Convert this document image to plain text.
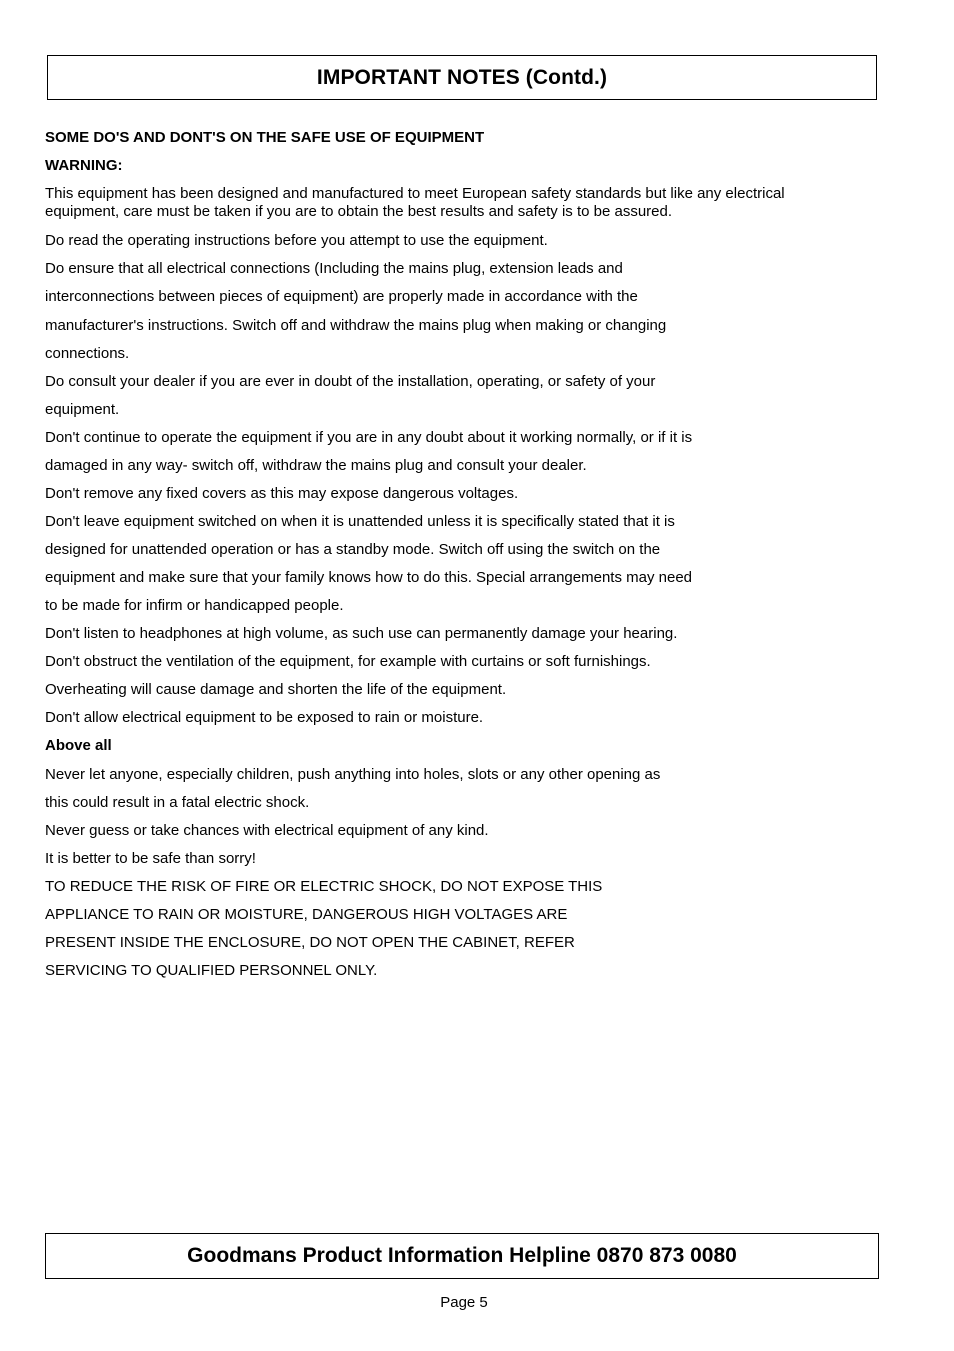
IMPORTANT NOTES (Contd.)
SOME DO'S AND DONT'S ON THE SAFE USE OF EQUIPMENT
WARNING:
This equipment has been designed and manufactured to meet European safety standards but like any electrical equipment, care must be taken if you are to obtain the best results and safety is to be assured.
Do read the operating instructions before you attempt to use the equipment.
Do ensure that all electrical connections (Including the mains plug, extension leads and
interconnections between pieces of equipment) are properly made in accordance with the
manufacturer's instructions. Switch off and withdraw the mains plug when making or changing
connections.
Do consult your dealer if you are ever in doubt of the installation, operating, or safety of your
equipment.
Don't continue to operate the equipment if you are in any doubt about it working normally, or if it is
damaged in any way- switch off, withdraw the mains plug and consult your dealer.
Don't remove any fixed covers as this may expose dangerous voltages.
Don't leave equipment switched on when it is unattended unless it is specifically stated that it is
designed for unattended operation or has a standby mode. Switch off using the switch on the
equipment and make sure that your family knows how to do this. Special arrangements may need
to be made for infirm or handicapped people.
Don't listen to headphones at high volume, as such use can permanently damage your hearing.
Don't obstruct the ventilation of the equipment, for example with curtains or soft furnishings.
Overheating will cause damage and shorten the life of the equipment.
Don't allow electrical equipment to be exposed to rain or moisture.
Above all
Never let anyone, especially children, push anything into holes, slots or any other opening as
this could result in a fatal electric shock.
Never guess or take chances with electrical equipment of any kind.
It is better to be safe than sorry!
TO REDUCE THE RISK OF FIRE OR ELECTRIC SHOCK, DO NOT EXPOSE THIS
APPLIANCE TO RAIN OR MOISTURE, DANGEROUS HIGH VOLTAGES ARE
PRESENT INSIDE THE ENCLOSURE, DO NOT OPEN THE CABINET, REFER
SERVICING TO QUALIFIED PERSONNEL ONLY.
Goodmans Product Information Helpline 0870 873 0080
Page 5
